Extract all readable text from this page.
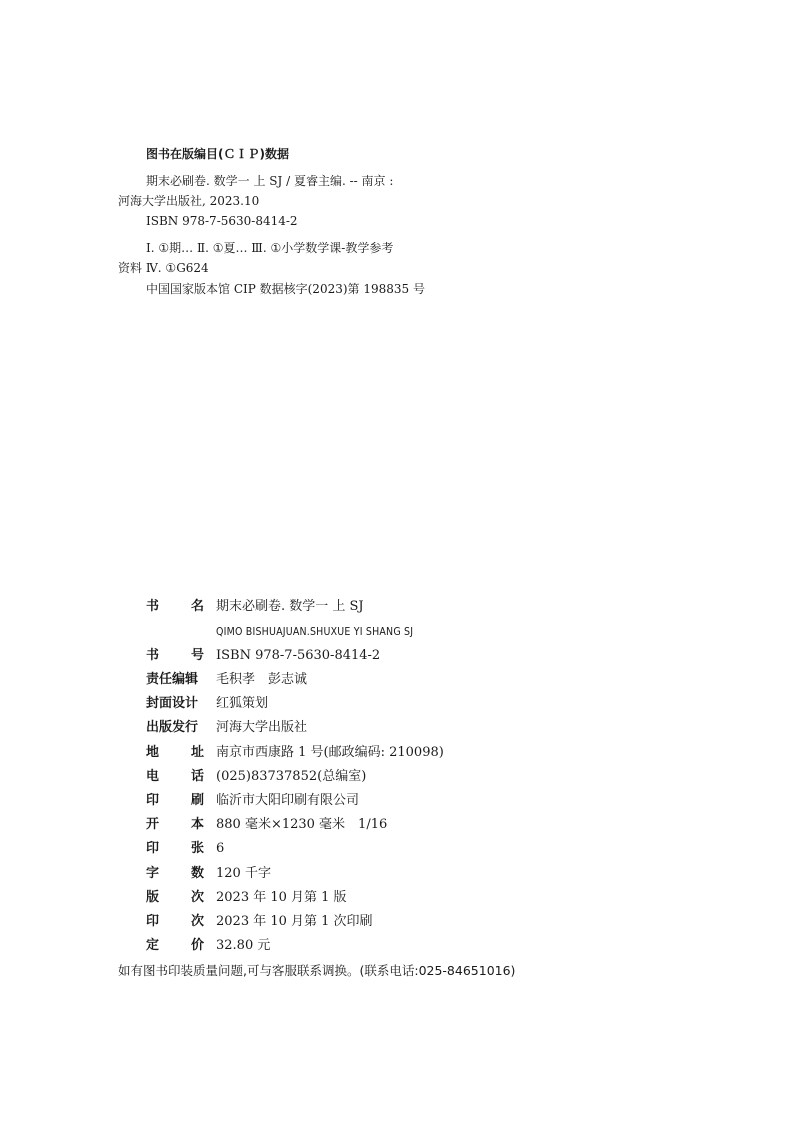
图书在版编目(ＣＩＰ)数据
期末必刷卷. 数学一 上 SJ / 夏睿主编. -- 南京 :
河海大学出版社, 2023.10
ISBN 978-7-5630-8414-2
Ⅰ. ①期… Ⅱ. ①夏… Ⅲ. ①小学数学课-教学参考
资料 Ⅳ. ①G624
中国国家版本馆 CIP 数据核字(2023)第 198835 号
书 名 期末必刷卷. 数学一 上 SJ
QIMO BISHUAJUAN.SHUXUE YI SHANG SJ
书 号 ISBN 978-7-5630-8414-2
责任编辑	毛积孝　彭志诚
封面设计	红狐策划
出版发行	河海大学出版社
地 址 南京市西康路 1 号(邮政编码: 210098)
电 话 (025)83737852(总编室)
印 刷 临沂市大阳印刷有限公司
开 本 880 毫米×1230 毫米　1/16
印 张 6
字 数 120 千字
版 次 2023 年 10 月第 1 版
印 次 2023 年 10 月第 1 次印刷
定 价 32.80 元
如有图书印装质量问题,可与客服联系调换。(联系电话:025-84651016)
